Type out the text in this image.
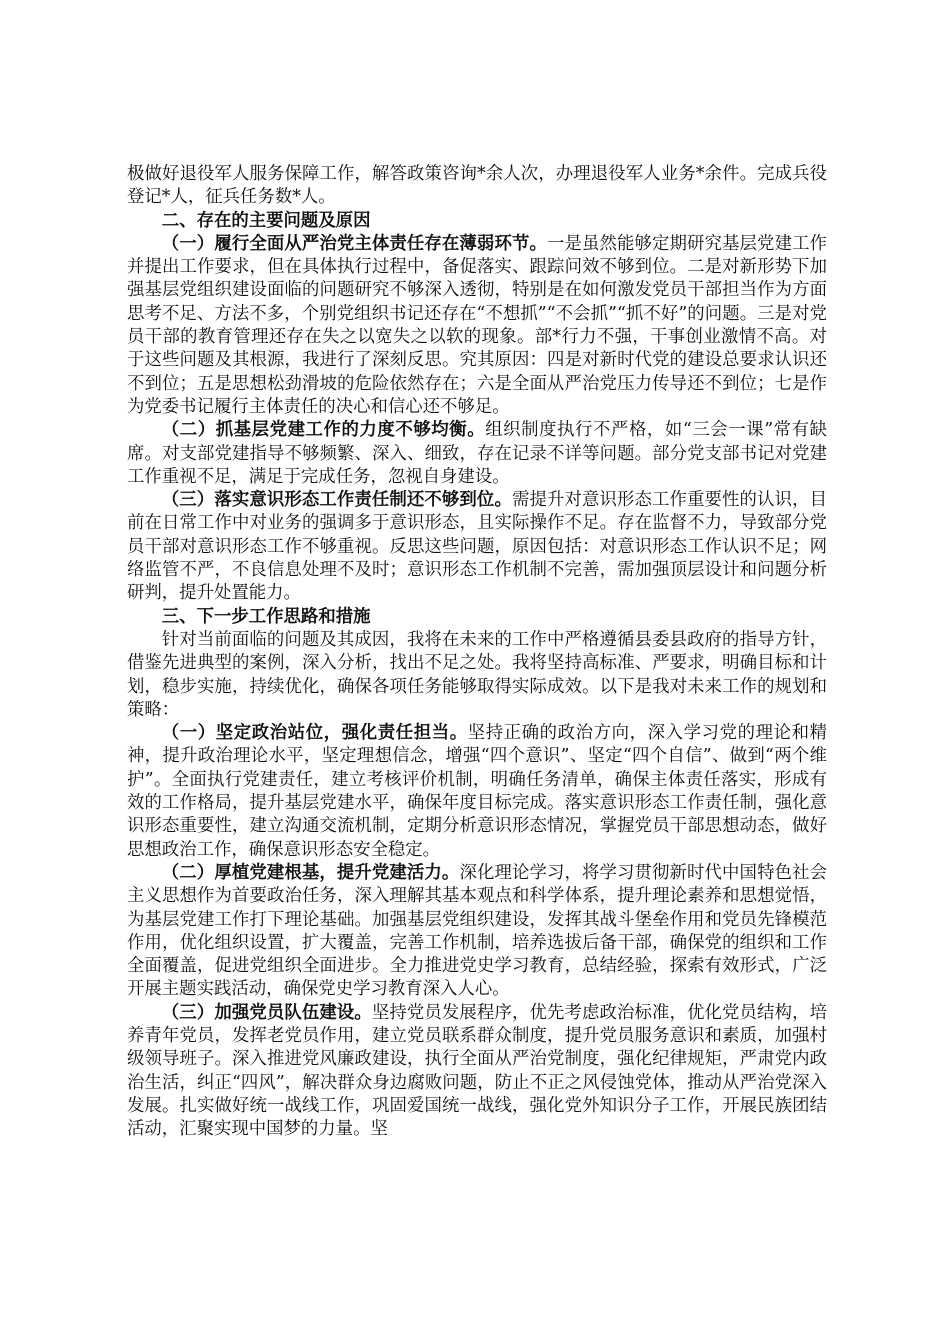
极做好退役军人服务保障工作，解答政策咨询*余人次，办理退役军人业务*余件。完成兵役登记*人，征兵任务数*人。

二、存在的主要问题及原因

（一）履行全面从严治党主体责任存在薄弱环节。一是虽然能够定期研究基层党建工作并提出工作要求，但在具体执行过程中，备促落实、跟踪问效不够到位。二是对新形势下加强基层党组织建设面临的问题研究不够深入透彻，特别是在如何激发党员干部担当作为方面思考不足、方法不多，个别党组织书记还存在“不想抓”“不会抓”“抓不好”的问题。三是对党员干部的教育管理还存在失之以宽失之以软的现象。部*行力不强，干事创业激情不高。对于这些问题及其根源，我进行了深刻反思。究其原因：四是对新时代党的建设总要求认识还不到位；五是思想松劲滑坡的危险依然存在；六是全面从严治党压力传导还不到位；七是作为党委书记履行主体责任的决心和信心还不够足。

（二）抓基层党建工作的力度不够均衡。组织制度执行不严格，如“三会一课”常有缺席。对支部党建指导不够频繁、深入、细致，存在记录不详等问题。部分党支部书记对党建工作重视不足，满足于完成任务，忽视自身建设。

（三）落实意识形态工作责任制还不够到位。需提升对意识形态工作重要性的认识，目前在日常工作中对业务的强调多于意识形态，且实际操作不足。存在监督不力，导致部分党员干部对意识形态工作不够重视。反思这些问题，原因包括：对意识形态工作认识不足；网络监管不严，不良信息处理不及时；意识形态工作机制不完善，需加强顶层设计和问题分析研判，提升处置能力。

三、下一步工作思路和措施

针对当前面临的问题及其成因，我将在未来的工作中严格遵循县委县政府的指导方针，借鉴先进典型的案例，深入分析，找出不足之处。我将坚持高标准、严要求，明确目标和计划，稳步实施，持续优化，确保各项任务能够取得实际成效。以下是我对未来工作的规划和策略：

（一）坚定政治站位，强化责任担当。坚持正确的政治方向，深入学习党的理论和精神，提升政治理论水平，坚定理想信念，增强“四个意识”、坚定“四个自信”、做到“两个维护”。全面执行党建责任，建立考核评价机制，明确任务清单，确保主体责任落实，形成有效的工作格局，提升基层党建水平，确保年度目标完成。落实意识形态工作责任制，强化意识形态重要性，建立沟通交流机制，定期分析意识形态情况，掌握党员干部思想动态，做好思想政治工作，确保意识形态安全稳定。

（二）厚植党建根基，提升党建活力。深化理论学习，将学习贯彻新时代中国特色社会主义思想作为首要政治任务，深入理解其基本观点和科学体系，提升理论素养和思想觉悟，为基层党建工作打下理论基础。加强基层党组织建设，发挥其战斗堡垒作用和党员先锋模范作用，优化组织设置，扩大覆盖，完善工作机制，培养选拔后备干部，确保党的组织和工作全面覆盖，促进党组织全面进步。全力推进党史学习教育，总结经验，探索有效形式，广泛开展主题实践活动，确保党史学习教育深入人心。

（三）加强党员队伍建设。坚持党员发展程序，优先考虑政治标准，优化党员结构，培养青年党员，发挥老党员作用，建立党员联系群众制度，提升党员服务意识和素质，加强村级领导班子。深入推进党风廉政建设，执行全面从严治党制度，强化纪律规矩，严肃党内政治生活，纠正“四风”，解决群众身边腐败问题，防止不正之风侵蚀党体，推动从严治党深入发展。扎实做好统一战线工作，巩固爱国统一战线，强化党外知识分子工作，开展民族团结活动，汇聚实现中国梦的力量。坚
